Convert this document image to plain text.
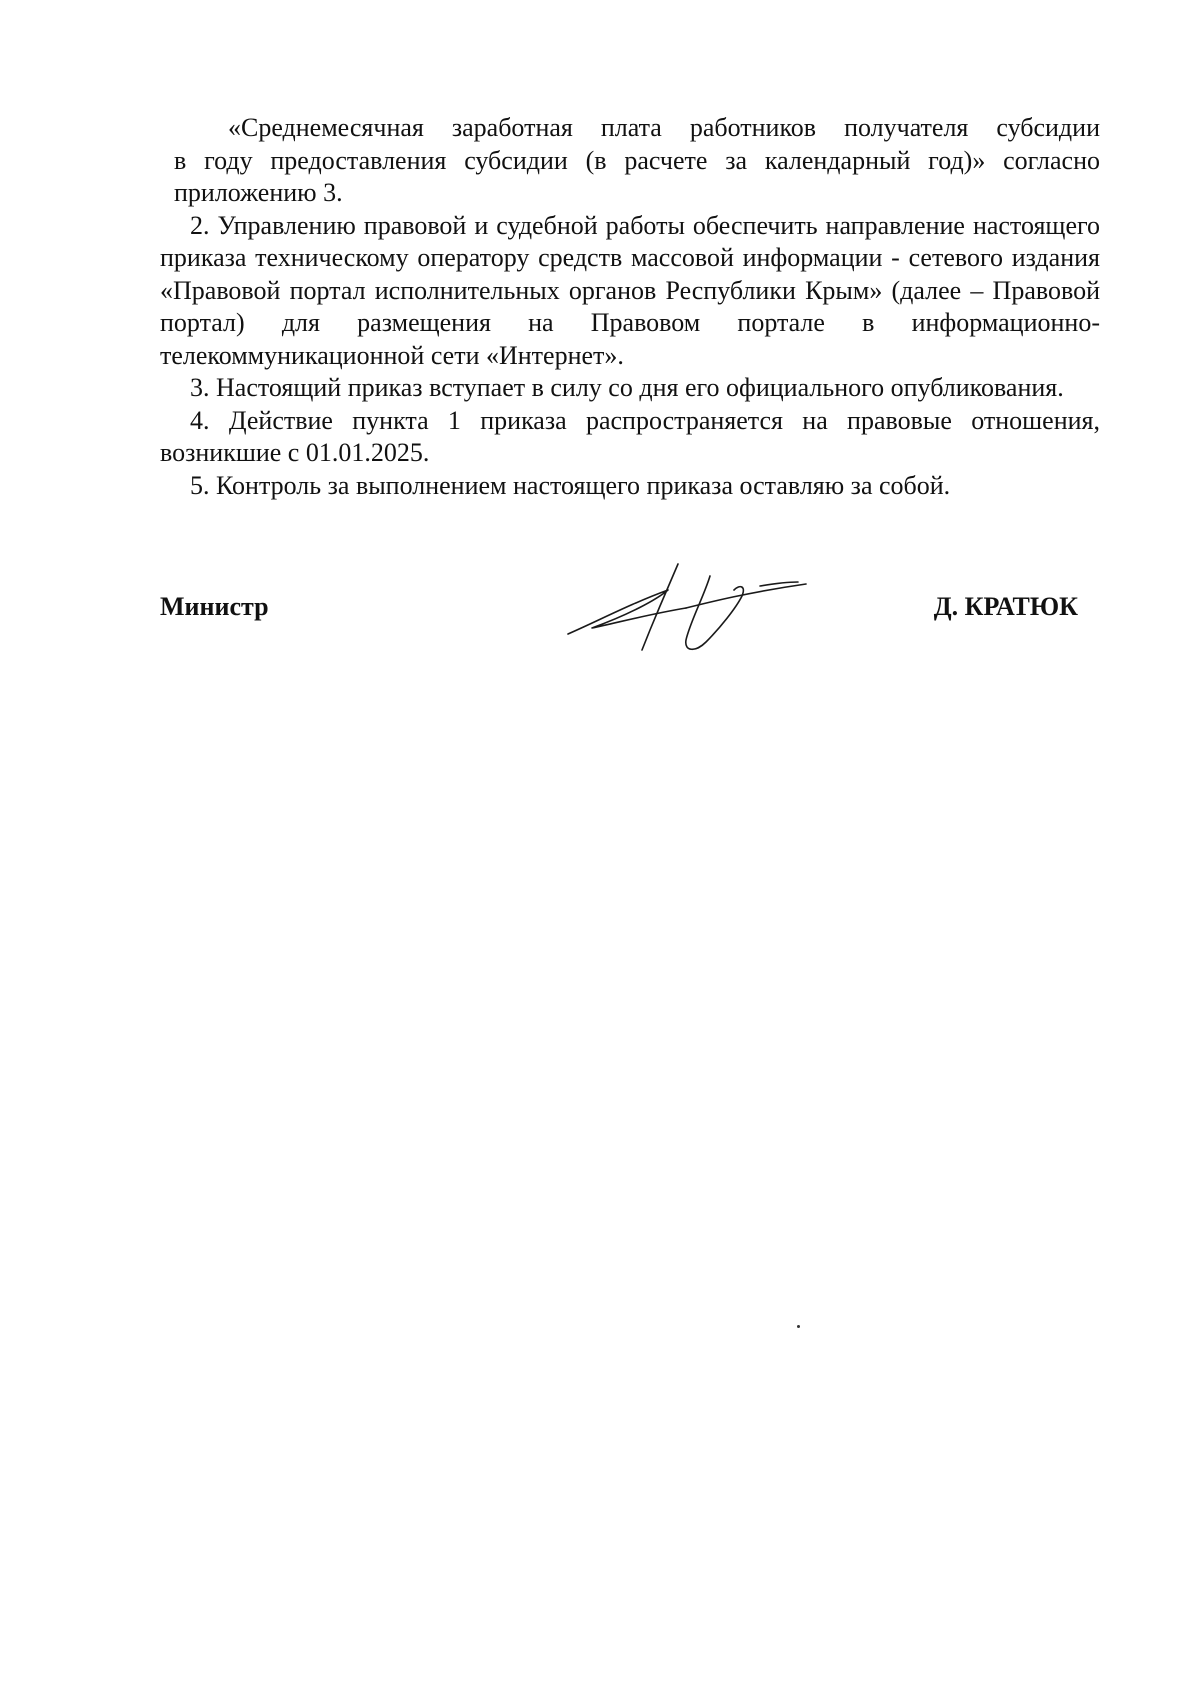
«Среднемесячная заработная плата работников получателя субсидии
в году предоставления субсидии (в расчете за календарный год)» согласно приложению 3.

2. Управлению правовой и судебной работы обеспечить направление настоящего приказа техническому оператору средств массовой информации - сетевого издания «Правовой портал исполнительных органов Республики Крым» (далее – Правовой портал) для размещения на Правовом портале в информационно-телекоммуникационной сети «Интернет».

3. Настоящий приказ вступает в силу со дня его официального опубликования.

4. Действие пункта 1 приказа распространяется на правовые отношения, возникшие с 01.01.2025.

5. Контроль за выполнением настоящего приказа оставляю за собой.

Министр	Д. КРАТЮК
